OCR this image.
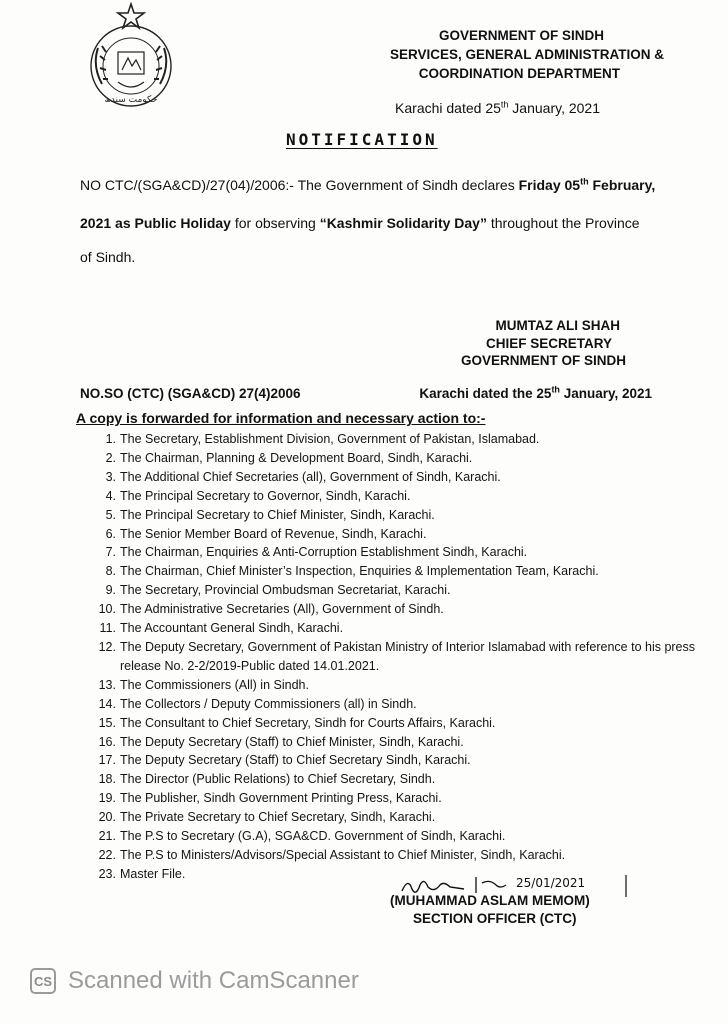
حکومت سندھ
GOVERNMENT OF SINDH
SERVICES, GENERAL ADMINISTRATION &
COORDINATION DEPARTMENT
Karachi dated 25th January, 2021
NOTIFICATION
NO CTC/(SGA&CD)/27(04)/2006:- The Government of Sindh declares Friday 05th February,
2021 as Public Holiday for observing “Kashmir Solidarity Day” throughout the Province
of Sindh.
MUMTAZ ALI SHAH
CHIEF SECRETARY
GOVERNMENT OF SINDH
NO.SO (CTC) (SGA&CD) 27(4)2006	Karachi dated the 25th January, 2021
A copy is forwarded for information and necessary action to:-
1. The Secretary, Establishment Division, Government of Pakistan, Islamabad.
2. The Chairman, Planning & Development Board, Sindh, Karachi.
3. The Additional Chief Secretaries (all), Government of Sindh, Karachi.
4. The Principal Secretary to Governor, Sindh, Karachi.
5. The Principal Secretary to Chief Minister, Sindh, Karachi.
6. The Senior Member Board of Revenue, Sindh, Karachi.
7. The Chairman, Enquiries & Anti-Corruption Establishment Sindh, Karachi.
8. The Chairman, Chief Minister’s Inspection, Enquiries & Implementation Team, Karachi.
9. The Secretary, Provincial Ombudsman Secretariat, Karachi.
10. The Administrative Secretaries (All), Government of Sindh.
11. The Accountant General Sindh, Karachi.
12. The Deputy Secretary, Government of Pakistan Ministry of Interior Islamabad with reference to his press release No. 2-2/2019-Public dated 14.01.2021.
13. The Commissioners (All) in Sindh.
14. The Collectors / Deputy Commissioners (all) in Sindh.
15. The Consultant to Chief Secretary, Sindh for Courts Affairs, Karachi.
16. The Deputy Secretary (Staff) to Chief Minister, Sindh, Karachi.
17. The Deputy Secretary (Staff) to Chief Secretary Sindh, Karachi.
18. The Director (Public Relations) to Chief Secretary, Sindh.
19. The Publisher, Sindh Government Printing Press, Karachi.
20. The Private Secretary to Chief Secretary, Sindh, Karachi.
21. The P.S to Secretary (G.A), SGA&CD. Government of Sindh, Karachi.
22. The P.S to Ministers/Advisors/Special Assistant to Chief Minister, Sindh, Karachi.
23. Master File.
25/01/2021
(MUHAMMAD ASLAM MEMOM)
SECTION OFFICER (CTC)
CS Scanned with CamScanner
